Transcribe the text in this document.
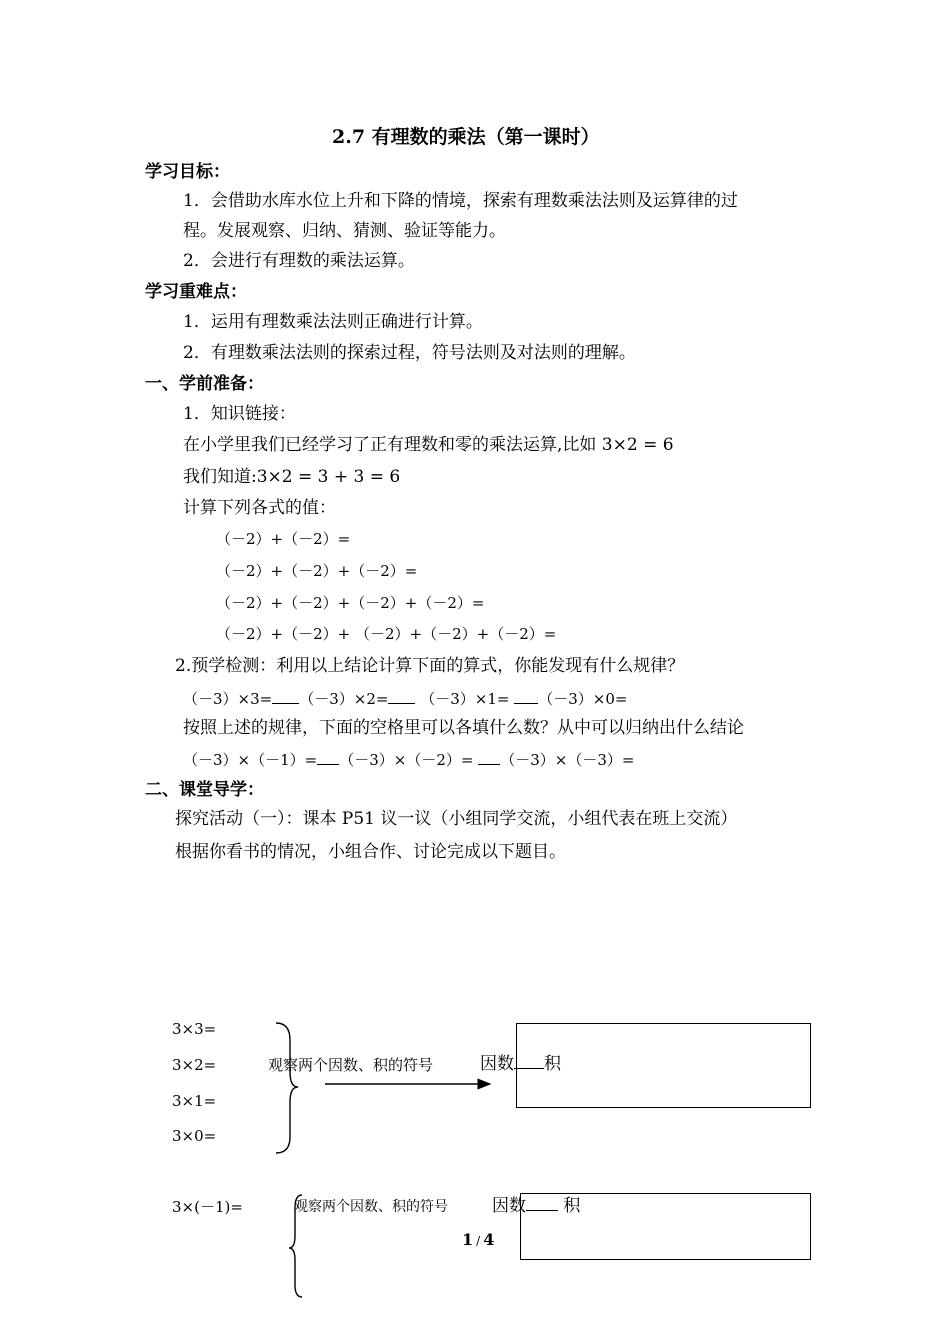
2.7 有理数的乘法（第一课时）
学习目标：
1．会借助水库水位上升和下降的情境，探索有理数乘法法则及运算律的过
程。发展观察、归纳、猜测、验证等能力。
2．会进行有理数的乘法运算。
学习重难点：
1．运用有理数乘法法则正确进行计算。
2．有理数乘法法则的探索过程，符号法则及对法则的理解。
一、学前准备：
1．知识链接：
在小学里我们已经学习了正有理数和零的乘法运算,比如 3×2 = 6
我们知道:3×2 = 3 + 3 = 6
计算下列各式的值：
（－2）+（－2）=
（－2）+（－2）+（－2）=
（－2）+（－2）+（－2）+（－2）=
（－2）+（－2）+ （－2）+（－2）+（－2）=
2.预学检测：利用以上结论计算下面的算式，你能发现有什么规律？
（－3）×3= （－3）×2= （－3）×1= （－3）×0=
按照上述的规律，下面的空格里可以各填什么数？从中可以归纳出什么结论
（－3）×（－1）= （－3）×（－2）= （－3）×（－3）=
二、课堂导学：
探究活动（一）：课本 P51 议一议（小组同学交流，小组代表在班上交流）
根据你看书的情况，小组合作、讨论完成以下题目。
3×3=
3×2=
3×1=
3×0=
观察两个因数、积的符号	因数 积
3×(－1)=	观察两个因数、积的符号	因数 积
1 / 4
